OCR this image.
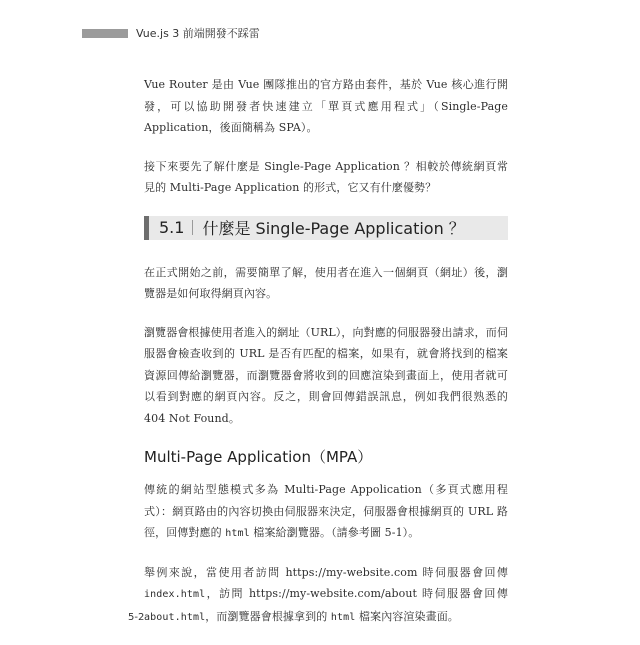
Vue.js 3 前端開發不踩雷

Vue Router 是由 Vue 團隊推出的官方路由套件，基於 Vue 核心進行開發，可以協助開發者快速建立「單頁式應用程式」（Single-Page Application，後面簡稱為 SPA）。

接下來要先了解什麼是 Single-Page Application ？相較於傳統網頁常見的 Multi-Page Application 的形式，它又有什麼優勢？

5.1 什麼是 Single-Page Application ？

在正式開始之前，需要簡單了解，使用者在進入一個網頁（網址）後，瀏覽器是如何取得網頁內容。

瀏覽器會根據使用者進入的網址（URL），向對應的伺服器發出請求，而伺服器會檢查收到的 URL 是否有匹配的檔案，如果有，就會將找到的檔案資源回傳給瀏覽器，而瀏覽器會將收到的回應渲染到畫面上，使用者就可以看到對應的網頁內容。反之，則會回傳錯誤訊息，例如我們很熟悉的 404 Not Found。

Multi-Page Application（MPA）

傳統的網站型態模式多為 Multi-Page Appolication（多頁式應用程式）：網頁路由的內容切換由伺服器來決定，伺服器會根據網頁的 URL 路徑，回傳對應的 html 檔案給瀏覽器。（請參考圖 5-1）。

舉例來說，當使用者訪問 https://my-website.com 時伺服器會回傳 index.html，訪問 https://my-website.com/about 時伺服器會回傳 about.html，而瀏覽器會根據拿到的 html 檔案內容渲染畫面。

5-2
